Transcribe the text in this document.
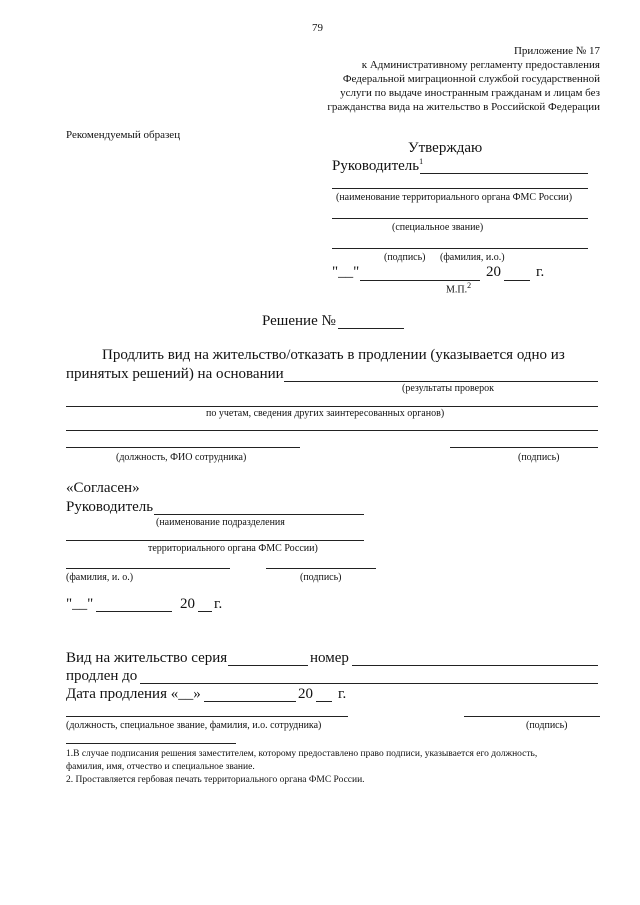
79
Приложение № 17
к Административному регламенту предоставления
Федеральной миграционной службой государственной
услуги по выдаче иностранным гражданам и лицам без
гражданства вида на жительство в Российской Федерации
Рекомендуемый образец
Утверждаю
Руководитель$^1$
(наименование территориального органа ФМС России)
(специальное звание)
(подпись) (фамилия, и.о.)
"__"	20 г.
М.П.$^2$
Решение №
Продлить вид на жительство/отказать в продлении (указывается одно из
принятых решений) на основании
(результаты проверок
по учетам, сведения других заинтересованных органов)
(должность, ФИО сотрудника)	(подпись)
«Согласен»
Руководитель
(наименование подразделения
территориального органа ФМС России)
(фамилия, и. о.)	(подпись)
"__"	20 г.
Вид на жительство серия	номер
продлен до
Дата продления «__»	20 г.
(должность, специальное звание, фамилия, и.о. сотрудника)	(подпись)
1.В случае подписания решения заместителем, которому предоставлено право подписи, указывается его должность,
фамилия, имя, отчество и специальное звание.
2. Проставляется гербовая печать территориального органа ФМС России.
